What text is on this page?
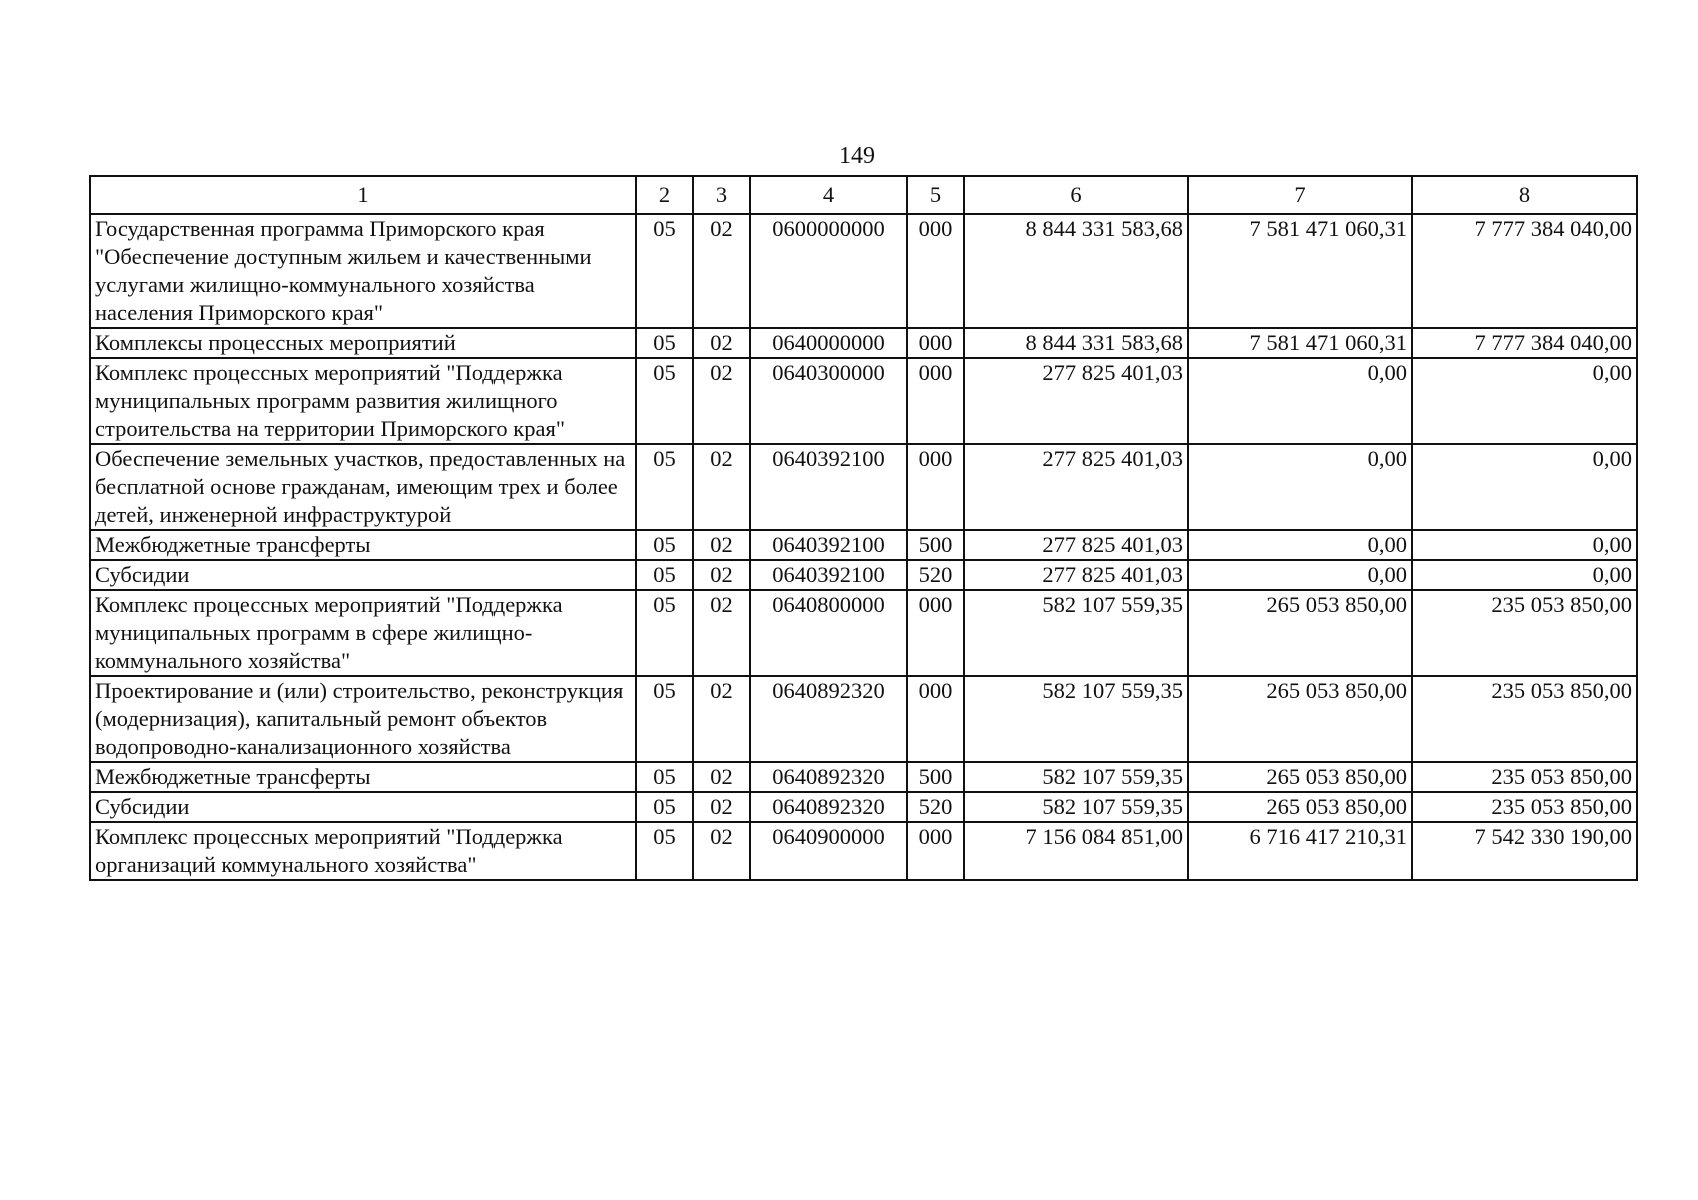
149
1	2	3	4	5	6	7	8
Государственная программа Приморского края "Обеспечение доступным жильем и качественными услугами жилищно-коммунального хозяйства населения Приморского края"	05	02	0600000000	000	8 844 331 583,68	7 581 471 060,31	7 777 384 040,00
Комплексы процессных мероприятий	05	02	0640000000	000	8 844 331 583,68	7 581 471 060,31	7 777 384 040,00
Комплекс процессных мероприятий "Поддержка муниципальных программ развития жилищного строительства на территории Приморского края"	05	02	0640300000	000	277 825 401,03	0,00	0,00
Обеспечение земельных участков, предоставленных на бесплатной основе гражданам, имеющим трех и более детей, инженерной инфраструктурой	05	02	0640392100	000	277 825 401,03	0,00	0,00
Межбюджетные трансферты	05	02	0640392100	500	277 825 401,03	0,00	0,00
Субсидии	05	02	0640392100	520	277 825 401,03	0,00	0,00
Комплекс процессных мероприятий "Поддержка муниципальных программ в сфере жилищно-коммунального хозяйства"	05	02	0640800000	000	582 107 559,35	265 053 850,00	235 053 850,00
Проектирование и (или) строительство, реконструкция (модернизация), капитальный ремонт объектов водопроводно-канализационного хозяйства	05	02	0640892320	000	582 107 559,35	265 053 850,00	235 053 850,00
Межбюджетные трансферты	05	02	0640892320	500	582 107 559,35	265 053 850,00	235 053 850,00
Субсидии	05	02	0640892320	520	582 107 559,35	265 053 850,00	235 053 850,00
Комплекс процессных мероприятий "Поддержка организаций коммунального хозяйства"	05	02	0640900000	000	7 156 084 851,00	6 716 417 210,31	7 542 330 190,00
